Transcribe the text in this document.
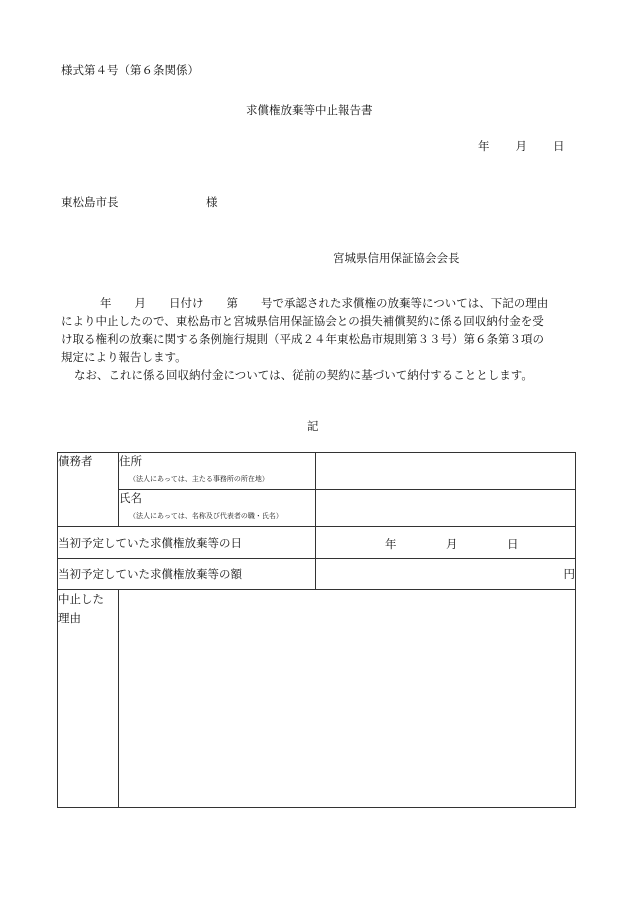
様式第４号（第６条関係）
求償権放棄等中止報告書
年 月 日
東松島市長	様
宮城県信用保証協会会長

年 月 日付け 第 号で承認された求償権の放棄等については、下記の理由

により中止したので、東松島市と宮城県信用保証協会との損失補償契約に係る回収納付金を受

け取る権利の放棄に関する条例施行規則（平成２４年東松島市規則第３３号）第６条第３項の

規定により報告します。

なお、これに係る回収納付金については、従前の契約に基づいて納付することとします。

記
債務者	住所
（法人にあっては、主たる事務所の所在地）	

	氏名
（法人にあっては、名称及び代表者の職・氏名）	

当初予定していた求償権放棄等の日		年 月 日

当初予定していた求償権放棄等の額		円

中止した
理由		
